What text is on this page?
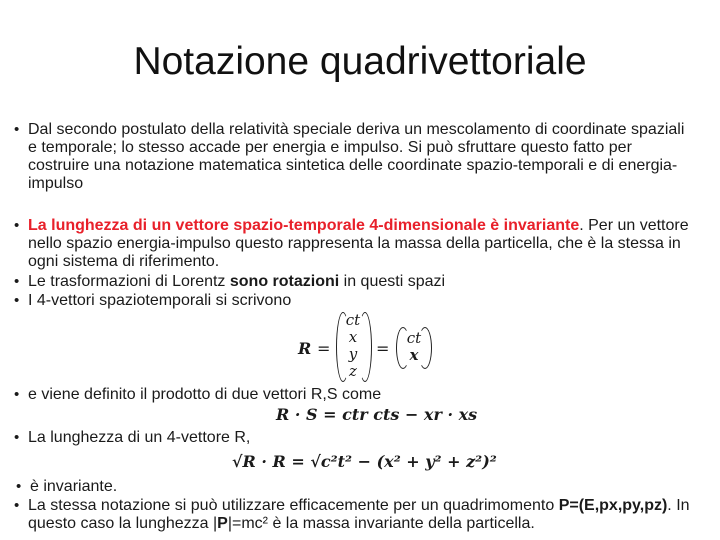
Notazione quadrivettoriale
• Dal secondo postulato della relatività speciale deriva un mescolamento di coordinate spaziali e temporale; lo stesso accade per energia e impulso. Si può sfruttare questo fatto per costruire una notazione matematica sintetica delle coordinate spazio-temporali e di energia-impulso
• La lunghezza di un vettore spazio-temporale 4-dimensionale è invariante. Per un vettore nello spazio energia-impulso questo rappresenta la massa della particella, che è la stessa in ogni sistema di riferimento.
• Le trasformazioni di Lorentz sono rotazioni in questi spazi
• I 4-vettori spaziotemporali si scrivono
R =
ct
x
y
z
=
ct
x
• e viene definito il prodotto di due vettori R,S come
R · S = ctr cts − xr · xs
• La lunghezza di un 4-vettore R,
√R · R = √c²t² − (x² + y² + z²)²
• è invariante.
• La stessa notazione si può utilizzare efficacemente per un quadrimomento P=(E,px,py,pz). In questo caso la lunghezza |P|=mc² è la massa invariante della particella.
